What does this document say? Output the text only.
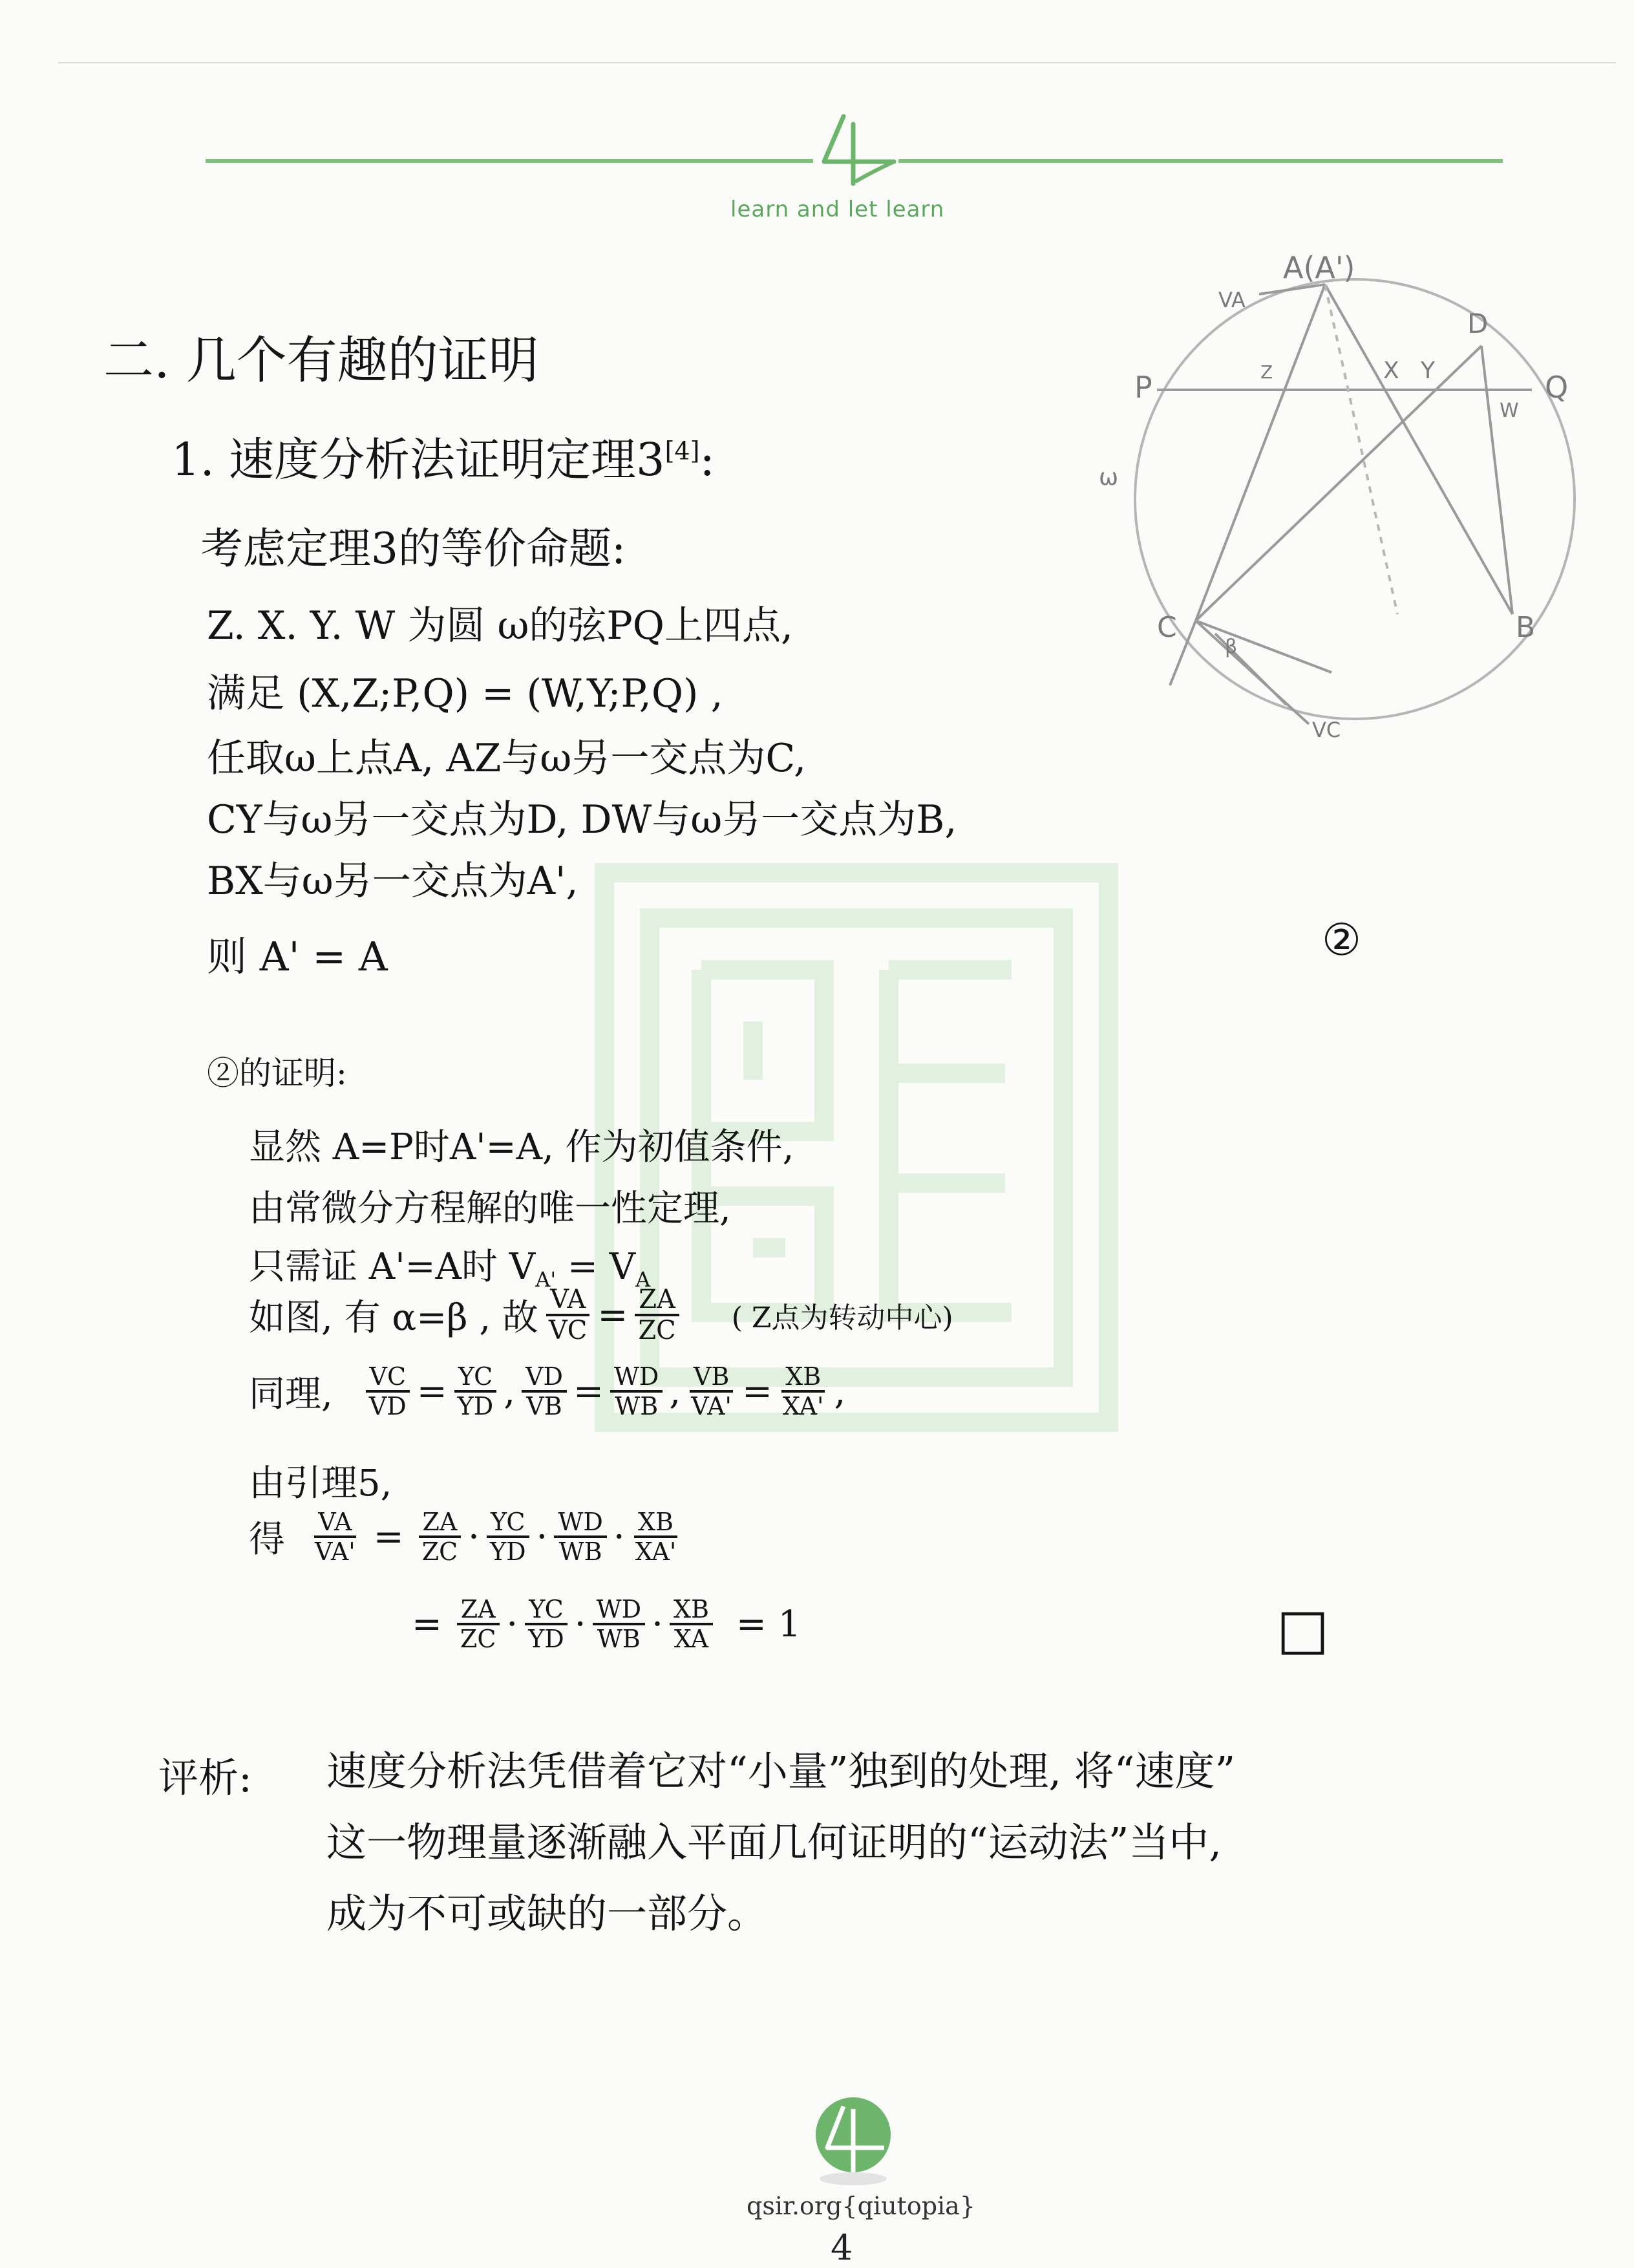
learn and let learn
二. 几个有趣的证明
1. 速度分析法证明定理3[4]:
考虑定理3的等价命题:
Z. X. Y. W 为圆 ω的弦PQ上四点,
满足 (X,Z;P,Q) = (W,Y;P,Q) ,
任取ω上点A, AZ与ω另一交点为C,
CY与ω另一交点为D, DW与ω另一交点为B,
BX与ω另一交点为A',
则 A' = A	②
②的证明:
显然 A=P时A'=A, 作为初值条件,
由常微分方程解的唯一性定理,
只需证 A'=A时 $V_{A'} = V_A$
如图, 有 α=β , 故 $\frac{VA}{VC} = \frac{ZA}{ZC}$ ( Z点为转动中心)
同理, $\frac{VC}{VD} = \frac{YC}{YD}$ , $\frac{VD}{VB} = \frac{WD}{WB}$ , $\frac{VB}{VA'} = \frac{XB}{XA'}$ ,
由引理5,
得 $\frac{VA}{VA'} = \frac{ZA}{ZC} \cdot \frac{YC}{YD} \cdot \frac{WD}{WB} \cdot \frac{XB}{XA'}$
= $\frac{ZA}{ZC} \cdot \frac{YC}{YD} \cdot \frac{WD}{WB} \cdot \frac{XB}{XA} = 1$	□
评析: 速度分析法凭借着它对“小量”独到的处理, 将“速度”
这一物理量逐渐融入平面几何证明的“运动法”当中,
成为不可或缺的一部分。
A(A')
D
P	Q
Z	X Y
W
ω
C	B
β
VA
VC
qsir.org{qiutopia}
4
